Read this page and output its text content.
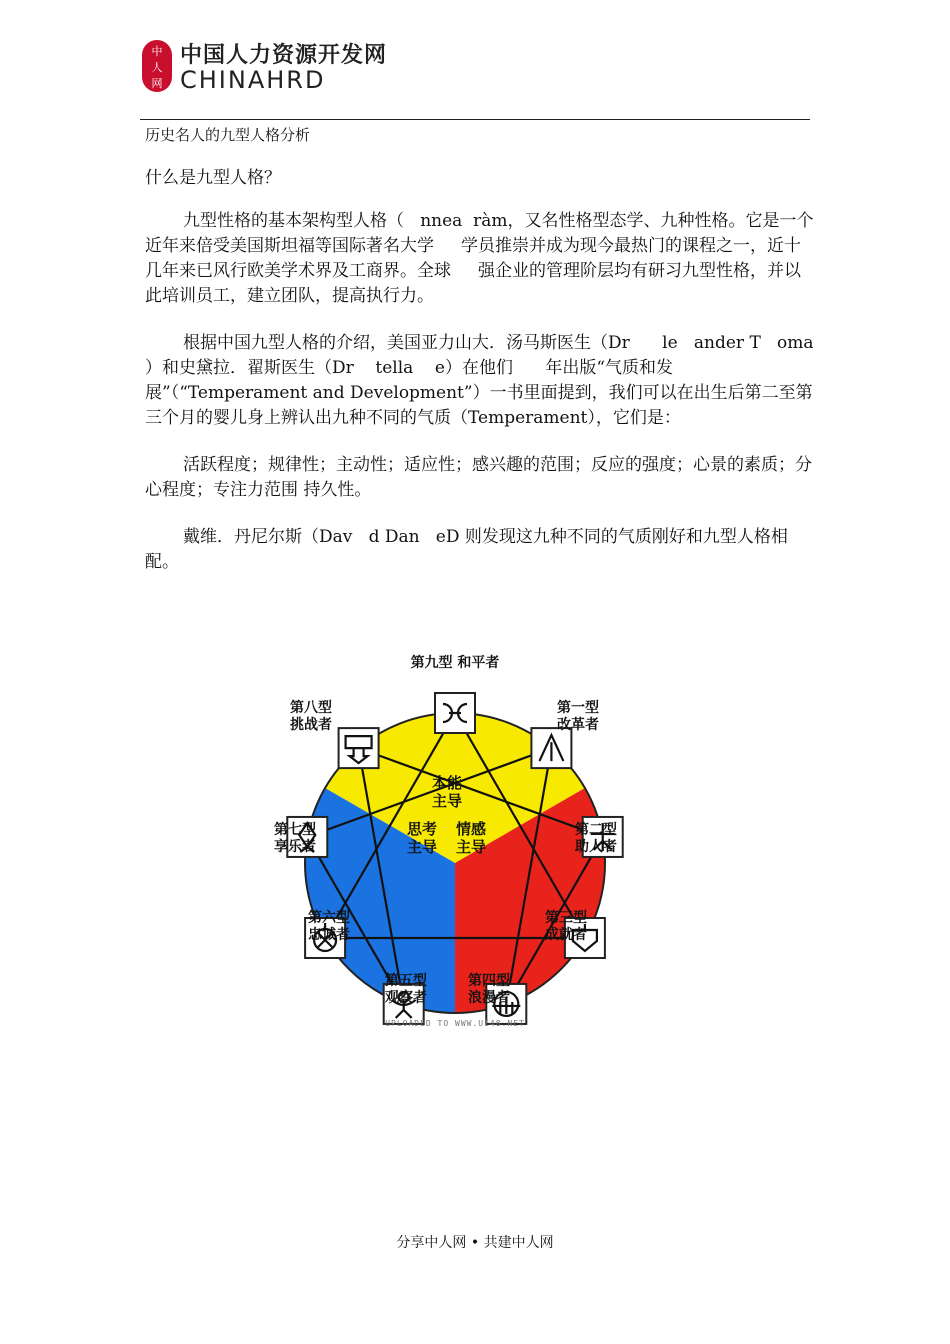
中
人
网
中国人力资源开发网
CHINAHRD
历史名人的九型人格分析

什么是九型人格？

九型性格的基本架构型人格（   nnea  ràm，又名性格型态学、九种性格。它是一个近年来倍受美国斯坦福等国际著名大学     学员推崇并成为现今最热门的课程之一，近十几年来已风行欧美学术界及工商界。全球     强企业的管理阶层均有研习九型性格，并以此培训员工，建立团队，提高执行力。

根据中国九型人格的介绍，美国亚力山大．汤马斯医生（Dr      le   ander T   oma ）和史黛拉．翟斯医生（Dr    tella    e）在他们      年出版“气质和发展”（“Temperament and Development”）一书里面提到，我们可以在出生后第二至第三个月的婴儿身上辨认出九种不同的气质（Temperament），它们是：

活跃程度；规律性；主动性；适应性；感兴趣的范围；反应的强度；心景的素质；分心程度；专注力范围 持久性。

戴维．丹尼尔斯（Dav   d Dan   eD 则发现这九种不同的气质刚好和九型人格相配。

第九型 和平者
第一型
改革者
第二型
助人者
第三型
成就者
第四型
浪漫者
第五型
观察者
第六型
忠诚者
第七型
享乐者
第八型
挑战者
本能
主导
思考
主导
情感
主导
UPLOADED TO WWW.UI48.NET
分享中人网 • 共建中人网
